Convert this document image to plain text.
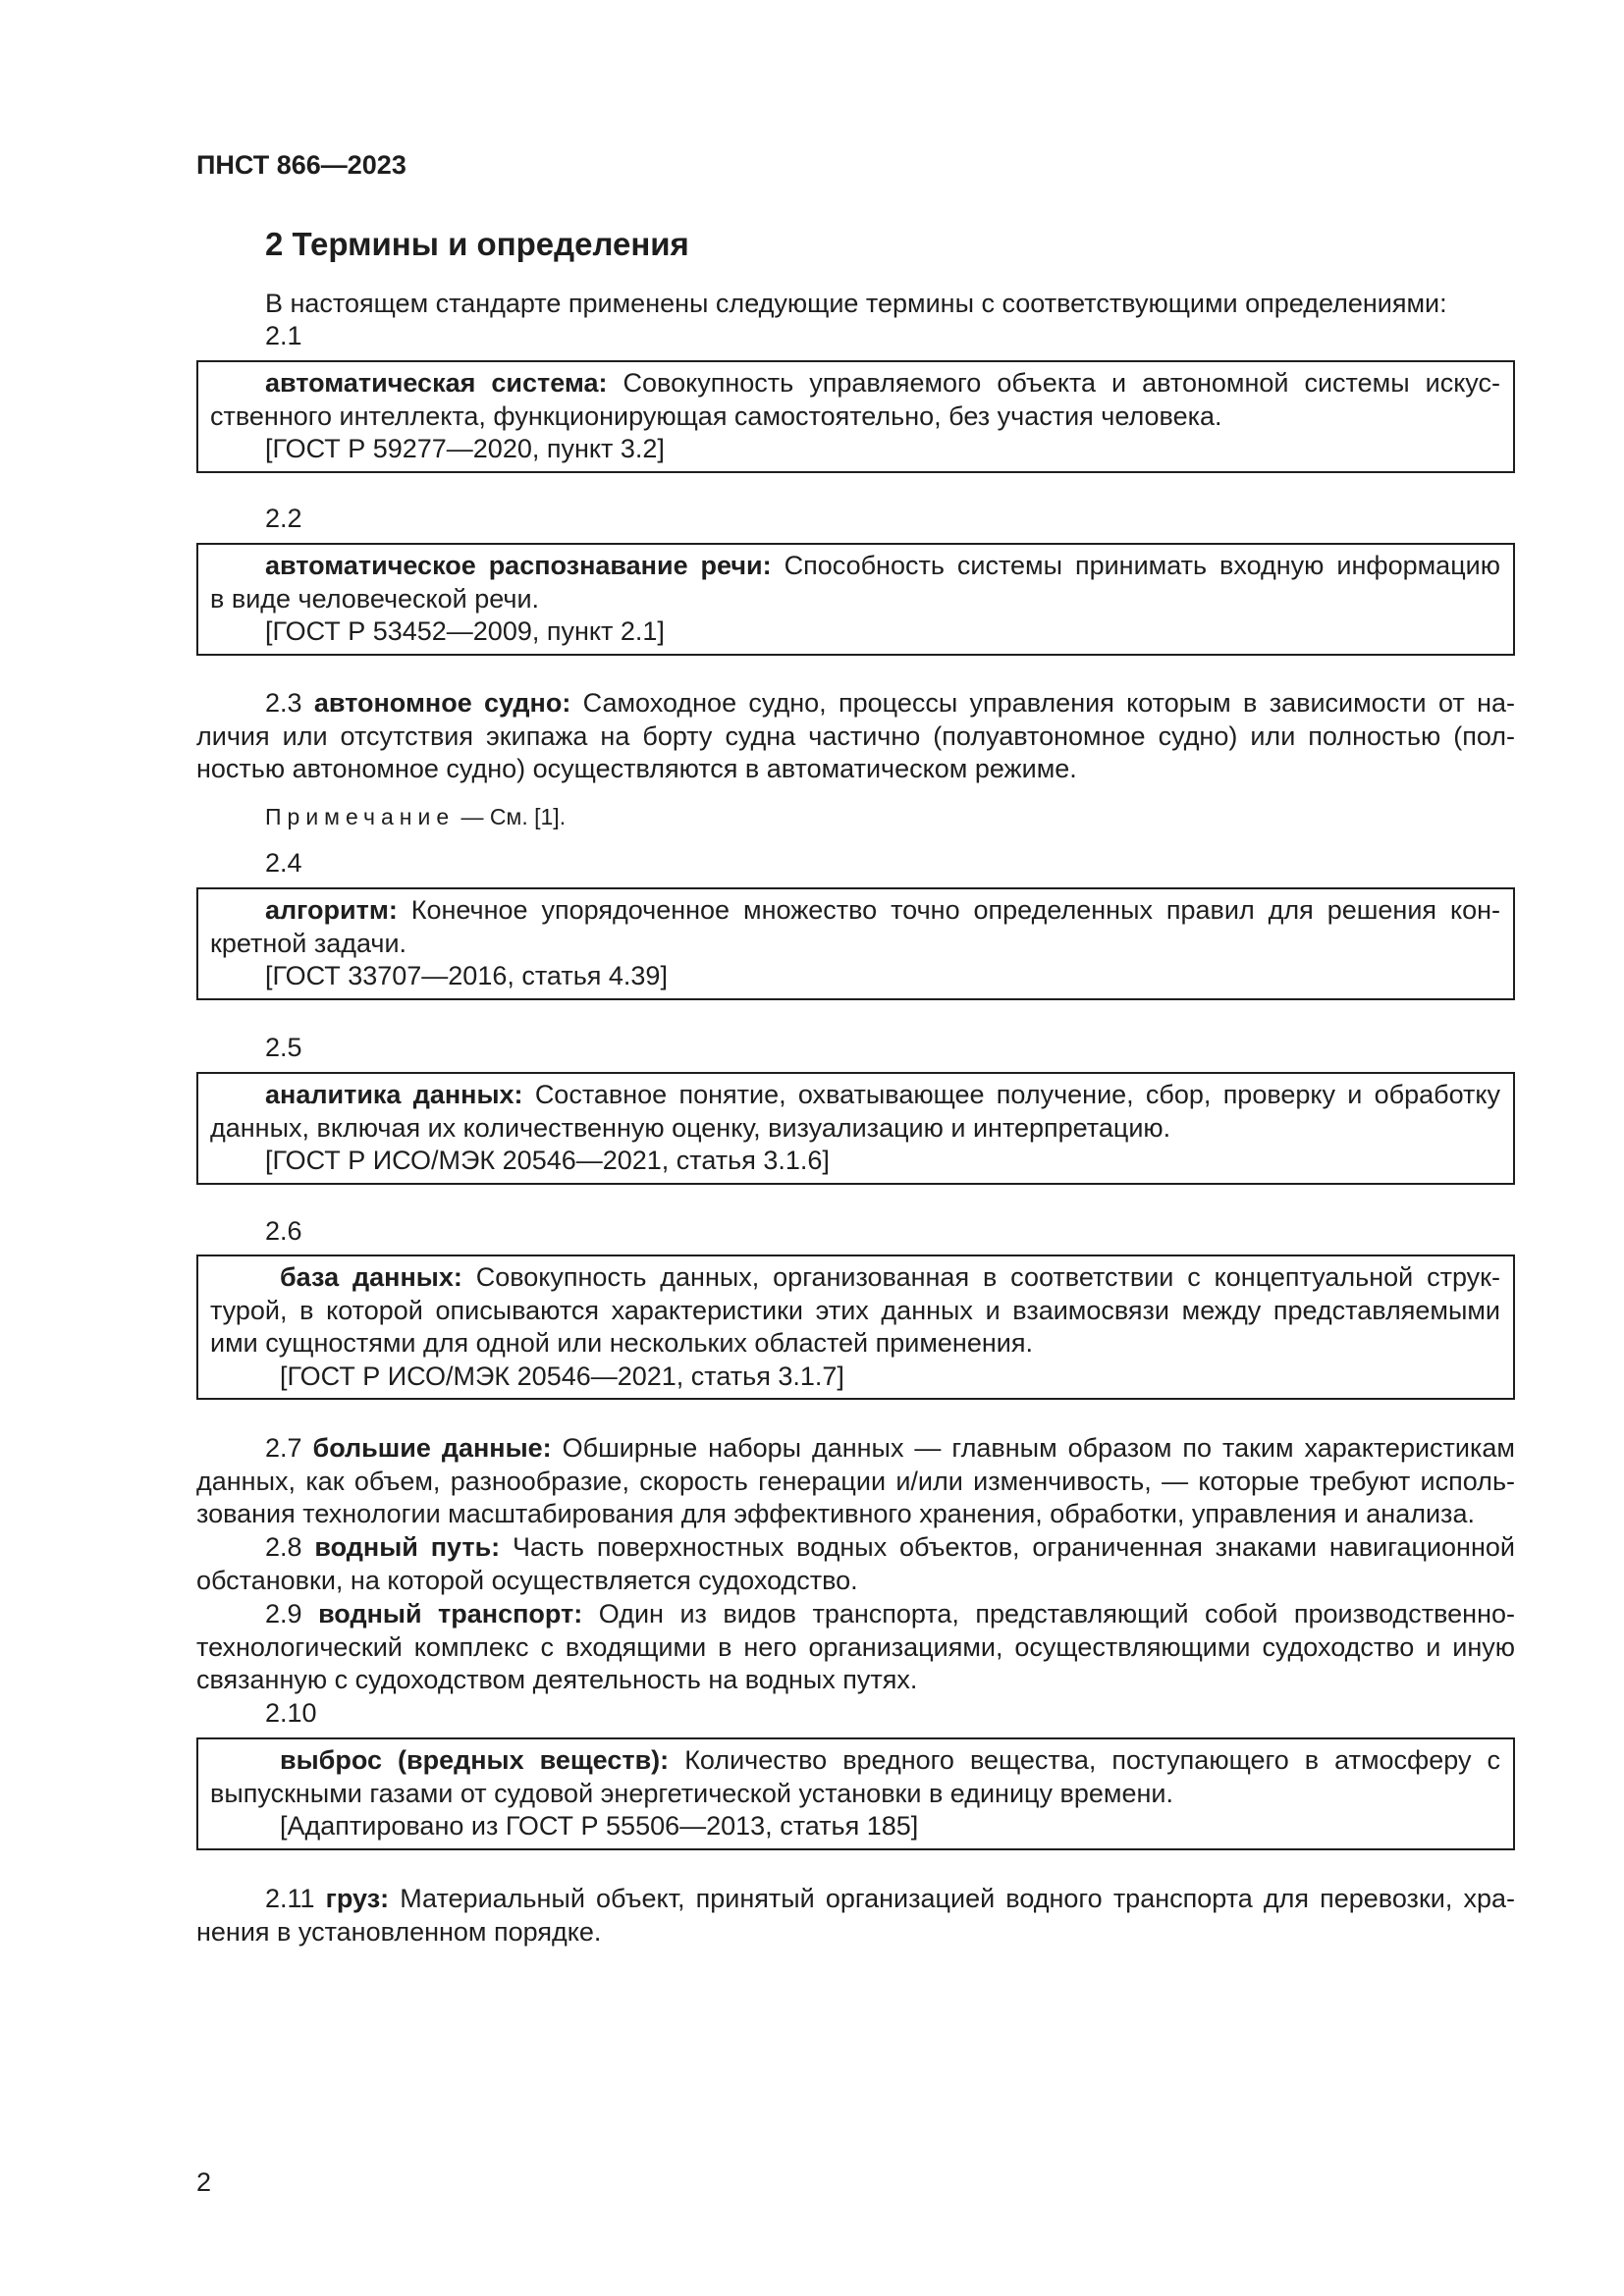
ПНСТ 866—2023
2 Термины и определения
В настоящем стандарте применены следующие термины с соответствующими определениями:
2.1
автоматическая система: Совокупность управляемого объекта и автономной системы искус-
ственного интеллекта, функционирующая самостоятельно, без участия человека.
[ГОСТ Р 59277—2020, пункт 3.2]
2.2
автоматическое распознавание речи: Способность системы принимать входную информацию
в виде человеческой речи.
[ГОСТ Р 53452—2009, пункт 2.1]
2.3 автономное судно: Самоходное судно, процессы управления которым в зависимости от на-
личия или отсутствия экипажа на борту судна частично (полуавтономное судно) или полностью (пол-
ностью автономное судно) осуществляются в автоматическом режиме.
Примечание — См. [1].
2.4
алгоритм: Конечное упорядоченное множество точно определенных правил для решения кон-
кретной задачи.
[ГОСТ 33707—2016, статья 4.39]
2.5
аналитика данных: Составное понятие, охватывающее получение, сбор, проверку и обработку
данных, включая их количественную оценку, визуализацию и интерпретацию.
[ГОСТ Р ИСО/МЭК 20546—2021, статья 3.1.6]
2.6
база данных: Совокупность данных, организованная в соответствии с концептуальной струк-
турой, в которой описываются характеристики этих данных и взаимосвязи между представляемыми
ими сущностями для одной или нескольких областей применения.
[ГОСТ Р ИСО/МЭК 20546—2021, статья 3.1.7]
2.7 большие данные: Обширные наборы данных — главным образом по таким характеристикам
данных, как объем, разнообразие, скорость генерации и/или изменчивость, — которые требуют исполь-
зования технологии масштабирования для эффективного хранения, обработки, управления и анализа.
2.8 водный путь: Часть поверхностных водных объектов, ограниченная знаками навигационной
обстановки, на которой осуществляется судоходство.
2.9 водный транспорт: Один из видов транспорта, представляющий собой производственно-
технологический комплекс с входящими в него организациями, осуществляющими судоходство и иную
связанную с судоходством деятельность на водных путях.
2.10
выброс (вредных веществ): Количество вредного вещества, поступающего в атмосферу с
выпускными газами от судовой энергетической установки в единицу времени.
[Адаптировано из ГОСТ Р 55506—2013, статья 185]
2.11 груз: Материальный объект, принятый организацией водного транспорта для перевозки, хра-
нения в установленном порядке.
2
